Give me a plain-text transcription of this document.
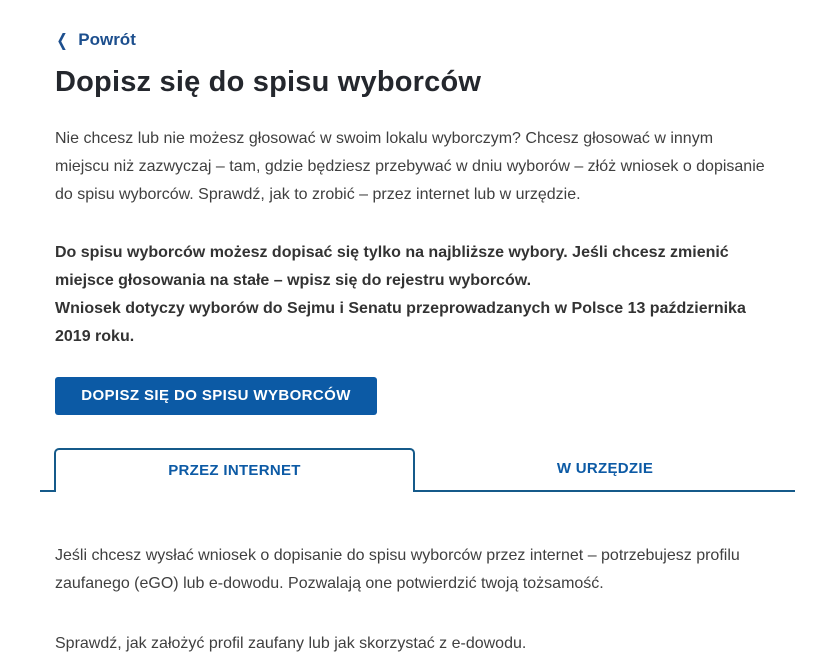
❮ Powrót
Dopisz się do spisu wyborców

Nie chcesz lub nie możesz głosować w swoim lokalu wyborczym? Chcesz głosować w innym miejscu niż zazwyczaj – tam, gdzie będziesz przebywać w dniu wyborów – złóż wniosek o dopisanie do spisu wyborców. Sprawdź, jak to zrobić – przez internet lub w urzędzie.

Do spisu wyborców możesz dopisać się tylko na najbliższe wybory. Jeśli chcesz zmienić miejsce głosowania na stałe – wpisz się do rejestru wyborców.
Wniosek dotyczy wyborów do Sejmu i Senatu przeprowadzanych w Polsce 13 października 2019 roku.

DOPISZ SIĘ DO SPISU WYBORCÓW
PRZEZ INTERNET	W URZĘDZIE

Jeśli chcesz wysłać wniosek o dopisanie do spisu wyborców przez internet – potrzebujesz profilu zaufanego (eGO) lub e-dowodu. Pozwalają one potwierdzić twoją tożsamość.

Sprawdź, jak założyć profil zaufany lub jak skorzystać z e-dowodu.
